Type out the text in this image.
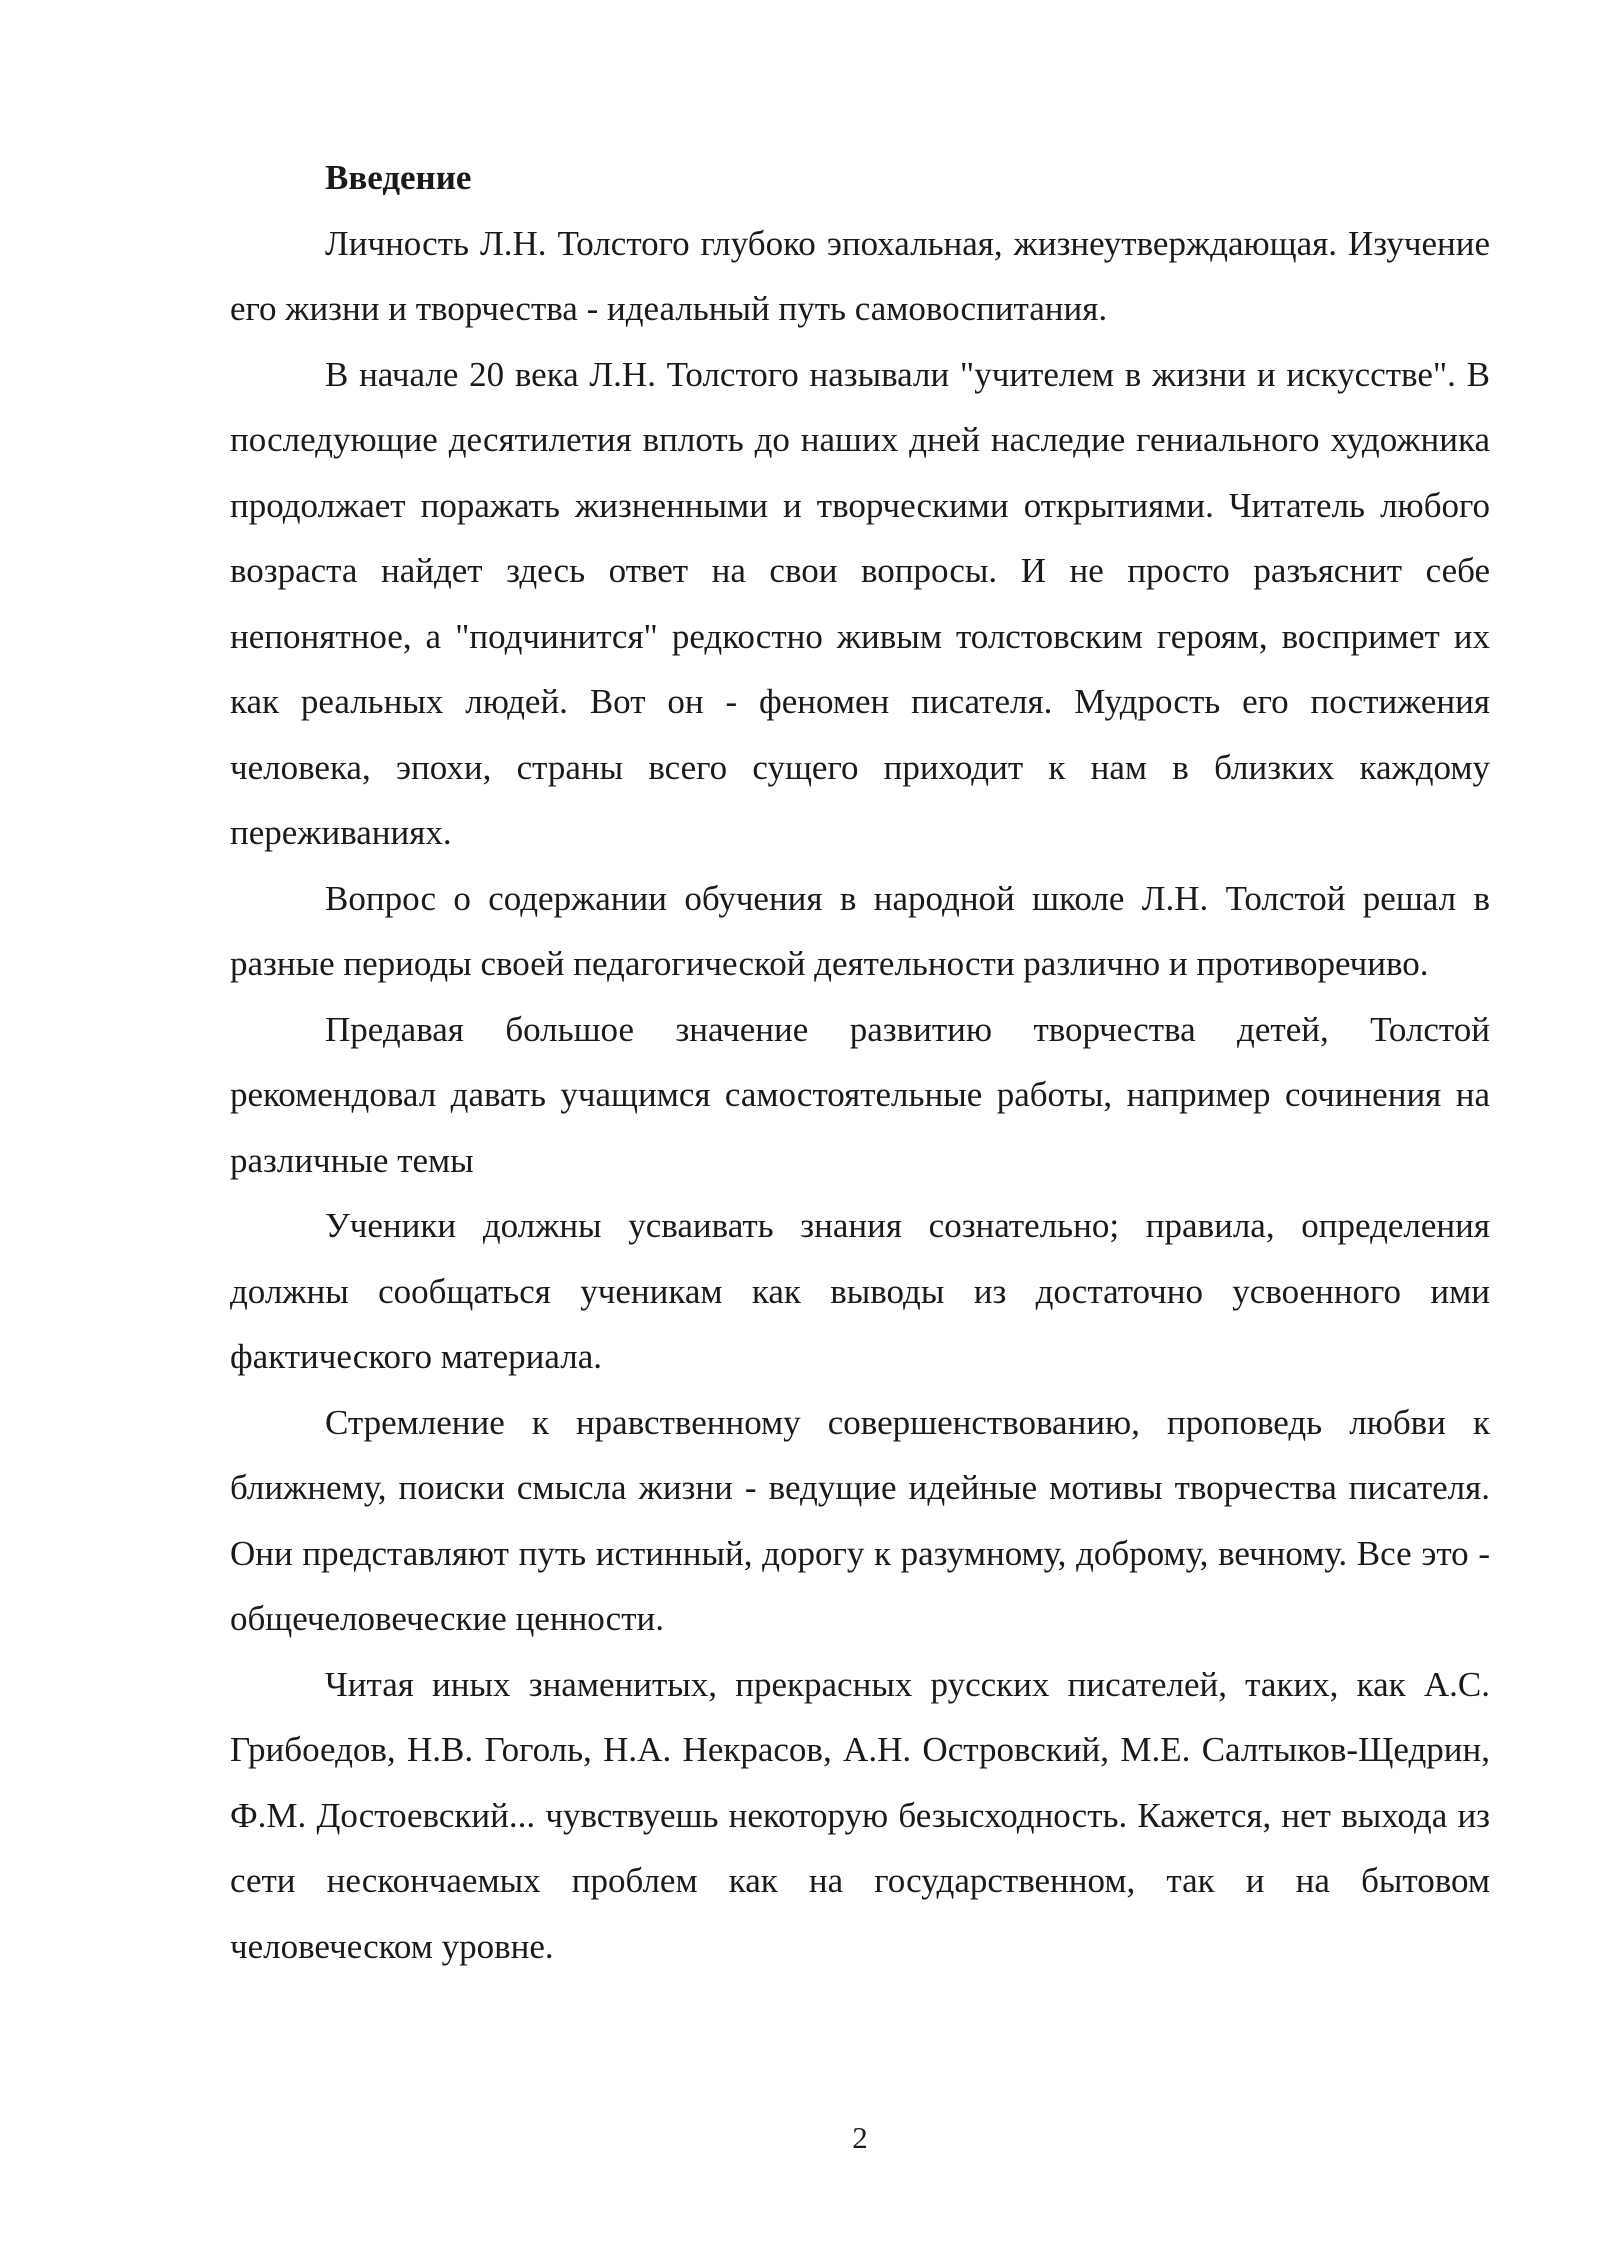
Введение

Личность Л.Н. Толстого глубоко эпохальная, жизнеутверждающая. Изучение его жизни и творчества - идеальный путь самовоспитания.

В начале 20 века Л.Н. Толстого называли "учителем в жизни и искусстве". В последующие десятилетия вплоть до наших дней наследие гениального художника продолжает поражать жизненными и творческими открытиями. Читатель любого возраста найдет здесь ответ на свои вопросы. И не просто разъяснит себе непонятное, а "подчинится" редкостно живым толстовским героям, воспримет их как реальных людей. Вот он - феномен писателя. Мудрость его постижения человека, эпохи, страны всего сущего приходит к нам в близких каждому переживаниях.

Вопрос о содержании обучения в народной школе Л.Н. Толстой решал в разные периоды своей педагогической деятельности различно и противоречиво.

Предавая большое значение развитию творчества детей, Толстой рекомендовал давать учащимся самостоятельные работы, например сочинения на различные темы

Ученики должны усваивать знания сознательно; правила, определения должны сообщаться ученикам как выводы из достаточно усвоенного ими фактического материала.

Стремление к нравственному совершенствованию, проповедь любви к ближнему, поиски смысла жизни - ведущие идейные мотивы творчества писателя. Они представляют путь истинный, дорогу к разумному, доброму, вечному. Все это - общечеловеческие ценности.

Читая иных знаменитых, прекрасных русских писателей, таких, как А.С. Грибоедов, Н.В. Гоголь, Н.А. Некрасов, А.Н. Островский, М.Е. Салтыков-Щедрин, Ф.М. Достоевский... чувствуешь некоторую безысходность. Кажется, нет выхода из сети нескончаемых проблем как на государственном, так и на бытовом человеческом уровне.

2
